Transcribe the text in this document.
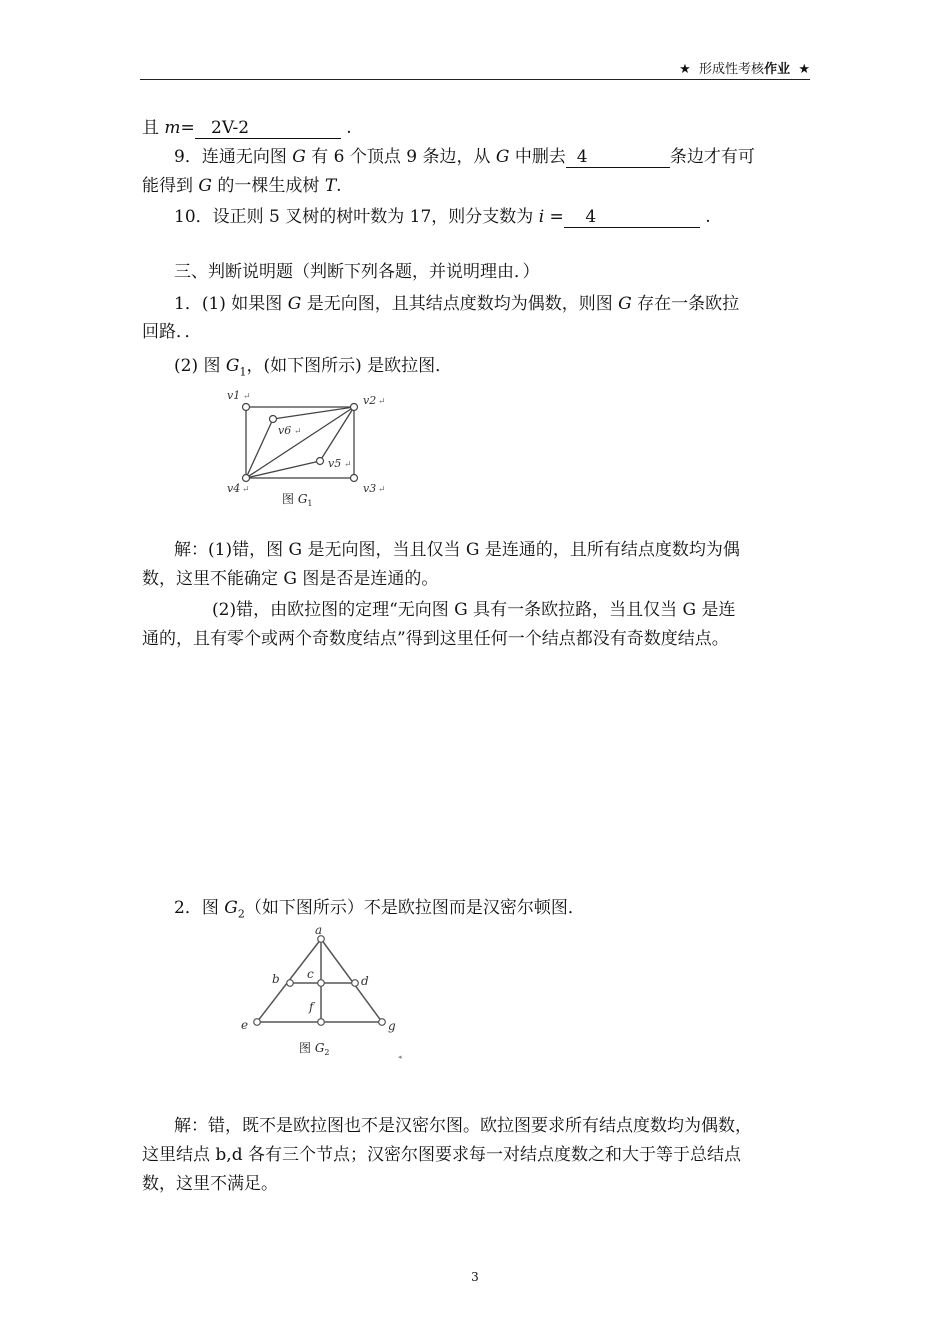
★ 形成性考核作业 ★
且 m= 2V-2	.
9．连通无向图 G 有 6 个顶点 9 条边，从 G 中删去 4	条边才有可
能得到 G 的一棵生成树 T.
10．设正则 5 叉树的树叶数为 17，则分支数为 i = 4	.
三、判断说明题（判断下列各题，并说明理由．）
1．(1) 如果图 G 是无向图，且其结点度数均为偶数，则图 G 存在一条欧拉
回路．．
(2) 图 $G_1$，(如下图所示) 是欧拉图．
v1	v2
v3
v4
v5
v6
↵	↵
↵
↵
↵
↵
图 $G_1$
解：(1)错，图 G 是无向图，当且仅当 G 是连通的，且所有结点度数均为偶
数，这里不能确定 G 图是否是连通的。
(2)错，由欧拉图的定理“无向图 G 具有一条欧拉路，当且仅当 G 是连
通的，且有零个或两个奇数度结点”得到这里任何一个结点都没有奇数度结点。
2．图 $G_2$（如下图所示）不是欧拉图而是汉密尔顿图．
a
b c	d
e
f
g
图 $G_2$	◂
解：错，既不是欧拉图也不是汉密尔图。欧拉图要求所有结点度数均为偶数，
这里结点 b,d 各有三个节点；汉密尔图要求每一对结点度数之和大于等于总结点
数，这里不满足。
3
